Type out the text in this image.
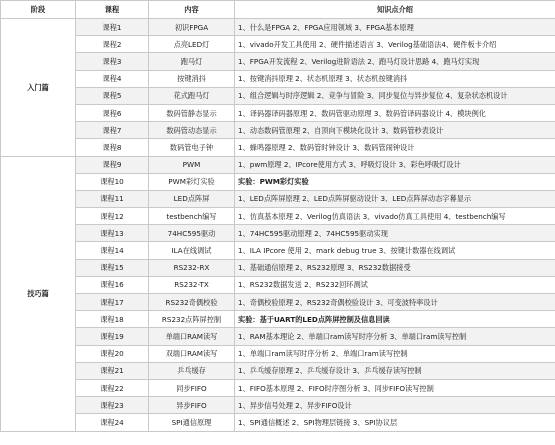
阶段	课程	内容	知识点介绍
入门篇	课程1	初识FPGA	1、什么是FPGA 2、FPGA应用领域 3、FPGA基本原理
	课程2	点亮LED灯	1、vivado开发工具使用 2、硬件描述语言 3、Verilog基础语法4、硬件板卡介绍
	课程3	跑马灯	1、FPGA开发流程 2、Verilog进阶语法 2、跑马灯设计思路 4、跑马灯实现
	课程4	按键消抖	1、按键消抖原理 2、状态机原理 3、状态机按键消抖
	课程5	花式跑马灯	1、组合逻辑与时序逻辑 2、竞争与冒险 3、同步复位与异步复位 4、复杂状态机设计
	课程6	数码管静态显示	1、译码器译码器原理 2、数码管驱动原理 3、数码管译码器设计 4、模块例化
	课程7	数码管动态显示	1、动态数码管原理 2、自顶向下模块化设计 3、数码管秒表设计
	课程8	数码管电子钟	1、蜂鸣器原理 2、数码管时钟设计 3、数码管闹钟设计
技巧篇	课程9	PWM	1、pwm原理 2、IPcore使用方式 3、呼吸灯设计 3、彩色呼吸灯设计
	课程10	PWM彩灯实验	实验：PWM彩灯实验
	课程11	LED点阵屏	1、LED点阵屏原理 2、LED点阵屏驱动设计 3、LED点阵屏动态字幕显示
	课程12	testbench编写	1、仿真基本原理 2、Verilog仿真语法 3、vivado仿真工具使用 4、testbench编写
	课程13	74HC595驱动	1、74HC595驱动原理 2、74HC595驱动实现
	课程14	ILA在线调试	1、ILA IPcore 使用 2、mark debug true 3、按键计数器在线调试
	课程15	RS232-RX	1、基础通信原理 2、RS232原理 3、RS232数据接受
	课程16	RS232-TX	1、RS232数据发送 2、RS232回环测试
	课程17	RS232奇偶校验	1、奇偶校验原理 2、RS232奇偶校验设计 3、可变波特率设计
	课程18	RS232点阵屏控制	实验：基于UART的LED点阵屏控制及信息回读
	课程19	单端口RAM读写	1、RAM基本理论 2、单端口ram读写时序分析 3、单端口ram读写控制
	课程20	双端口RAM读写	1、单端口ram读写时序分析 2、单端口ram读写控制
	课程21	乒乓缓存	1、乒乓缓存原理 2、乒乓缓存设计 3、乒乓缓存读写控制
	课程22	同步FIFO	1、FIFO基本原理 2、FIFO时序图分析 3、同步FIFO读写控制
	课程23	异步FIFO	1、异步信号处理 2、异步FIFO设计
	课程24	SPI通信原理	1、SPI通信概述 2、SPI物理层链接 3、SPI协议层
